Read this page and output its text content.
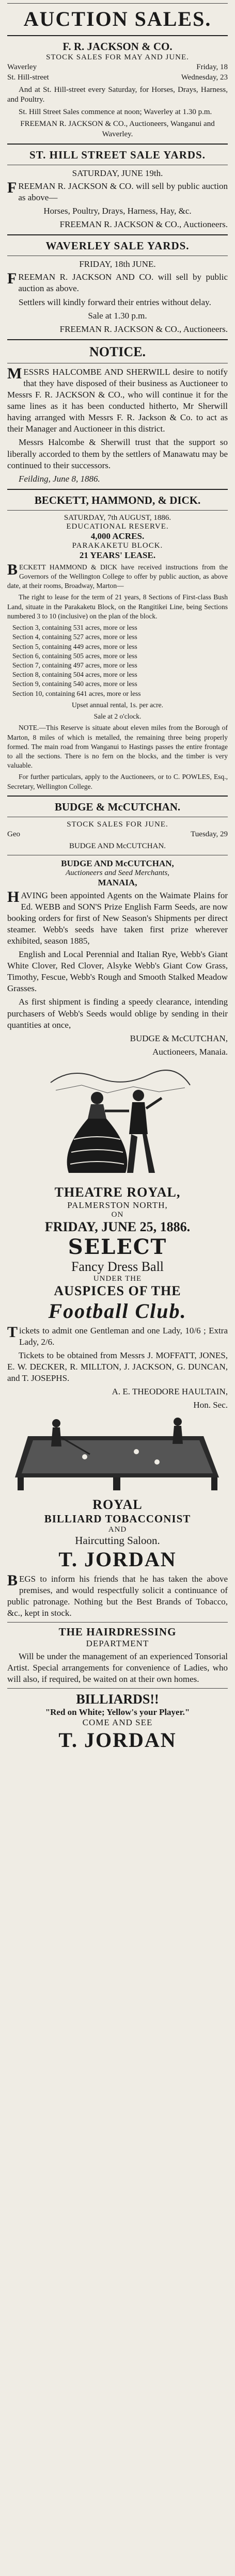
AUCTION SALES.
F. R. JACKSON & CO.
STOCK SALES FOR MAY AND JUNE.
Waverley	Friday, 18
St. Hill-street	Wednesday, 23

And at St. Hill-street every Saturday, for Horses, Drays, Harness, and Poultry.

St. Hill Street Sales commence at noon; Waverley at 1.30 p.m.

FREEMAN R. JACKSON & CO., Auctioneers, Wanganui and Waverley.

ST. HILL STREET SALE YARDS.
SATURDAY, JUNE 19th.

FREEMAN R. JACKSON & CO. will sell by public auction as above—

Horses, Poultry, Drays, Harness, Hay, &c.

FREEMAN R. JACKSON & CO., Auctioneers.

WAVERLEY SALE YARDS.
FRIDAY, 18th JUNE.

FREEMAN R. JACKSON AND CO. will sell by public auction as above.

Settlers will kindly forward their entries without delay.

Sale at 1.30 p.m.

FREEMAN R. JACKSON & CO., Auctioneers.

NOTICE.

MESSRS HALCOMBE AND SHERWILL desire to notify that they have disposed of their business as Auctioneer to Messrs F. R. JACKSON & CO., who will continue it for the same lines as it has been conducted hitherto, Mr Sherwill having arranged with Messrs F. R. Jackson & Co. to act as their Manager and Auctioneer in this district.

Messrs Halcombe & Sherwill trust that the support so liberally accorded to them by the settlers of Manawatu may be continued to their successors.

Feilding, June 8, 1886.

BECKETT, HAMMOND, & DICK.
SATURDAY, 7th AUGUST, 1886.
EDUCATIONAL RESERVE.
4,000 ACRES.
PARAKAKETU BLOCK.
21 YEARS' LEASE.

BECKETT HAMMOND & DICK have received instructions from the Governors of the Wellington College to offer by public auction, as above date, at their rooms, Broadway, Marton—

The right to lease for the term of 21 years, 8 Sections of First-class Bush Land, situate in the Parakaketu Block, on the Rangitikei Line, being Sections numbered 3 to 10 (inclusive) on the plan of the block.

Section 3, containing 531 acres, more or less
Section 4, containing 527 acres, more or less
Section 5, containing 449 acres, more or less
Section 6, containing 505 acres, more or less
Section 7, containing 497 acres, more or less
Section 8, containing 504 acres, more or less
Section 9, containing 540 acres, more or less
Section 10, containing 641 acres, more or less

Upset annual rental, 1s. per acre.

Sale at 2 o'clock.

NOTE.—This Reserve is situate about eleven miles from the Borough of Marton, 8 miles of which is metalled, the remaining three being properly formed. The main road from Wanganui to Hastings passes the entire frontage to all the sections. There is no fern on the blocks, and the timber is very valuable.

For further particulars, apply to the Auctioneers, or to C. POWLES, Esq., Secretary, Wellington College.

BUDGE & McCUTCHAN.
STOCK SALES FOR JUNE.
Geo	Tuesday, 29

BUDGE AND McCUTCHAN.

BUDGE AND McCUTCHAN,
Auctioneers and Seed Merchants,
MANAIA,

HAVING been appointed Agents on the Waimate Plains for Ed. WEBB and SON'S Prize English Farm Seeds, are now booking orders for first of New Season's Shipments per direct steamer. Webb's seeds have taken first prize wherever exhibited, season 1885,

English and Local Perennial and Italian Rye, Webb's Giant White Clover, Red Clover, Alsyke Webb's Giant Cow Grass, Timothy, Fescue, Webb's Rough and Smooth Stalked Meadow Grasses.

As first shipment is finding a speedy clearance, intending purchasers of Webb's Seeds would oblige by sending in their quantities at once,

BUDGE & McCUTCHAN,

Auctioneers, Manaia.

THEATRE ROYAL,
PALMERSTON NORTH,
ON
FRIDAY, JUNE 25, 1886.
SELECT
Fancy Dress Ball
UNDER THE
AUSPICES OF THE
Football Club.

Tickets to admit one Gentleman and one Lady, 10/6 ; Extra Lady, 2/6.

Tickets to be obtained from Messrs J. MOFFATT, JONES, E. W. DECKER, R. MILLTON, J. JACKSON, G. DUNCAN, and T. JOSEPHS.

A. E. THEODORE HAULTAIN,

Hon. Sec.

ROYAL
BILLIARD TOBACCONIST
AND
Haircutting Saloon.
T. JORDAN

BEGS to inform his friends that he has taken the above premises, and would respectfully solicit a continuance of public patronage. Nothing but the Best Brands of Tobacco, &c., kept in stock.

THE HAIRDRESSING
DEPARTMENT

Will be under the management of an experienced Tonsorial Artist. Special arrangements for convenience of Ladies, who will also, if required, be waited on at their own homes.

BILLIARDS!!
"Red on White; Yellow's your Player."
COME AND SEE
T. JORDAN
